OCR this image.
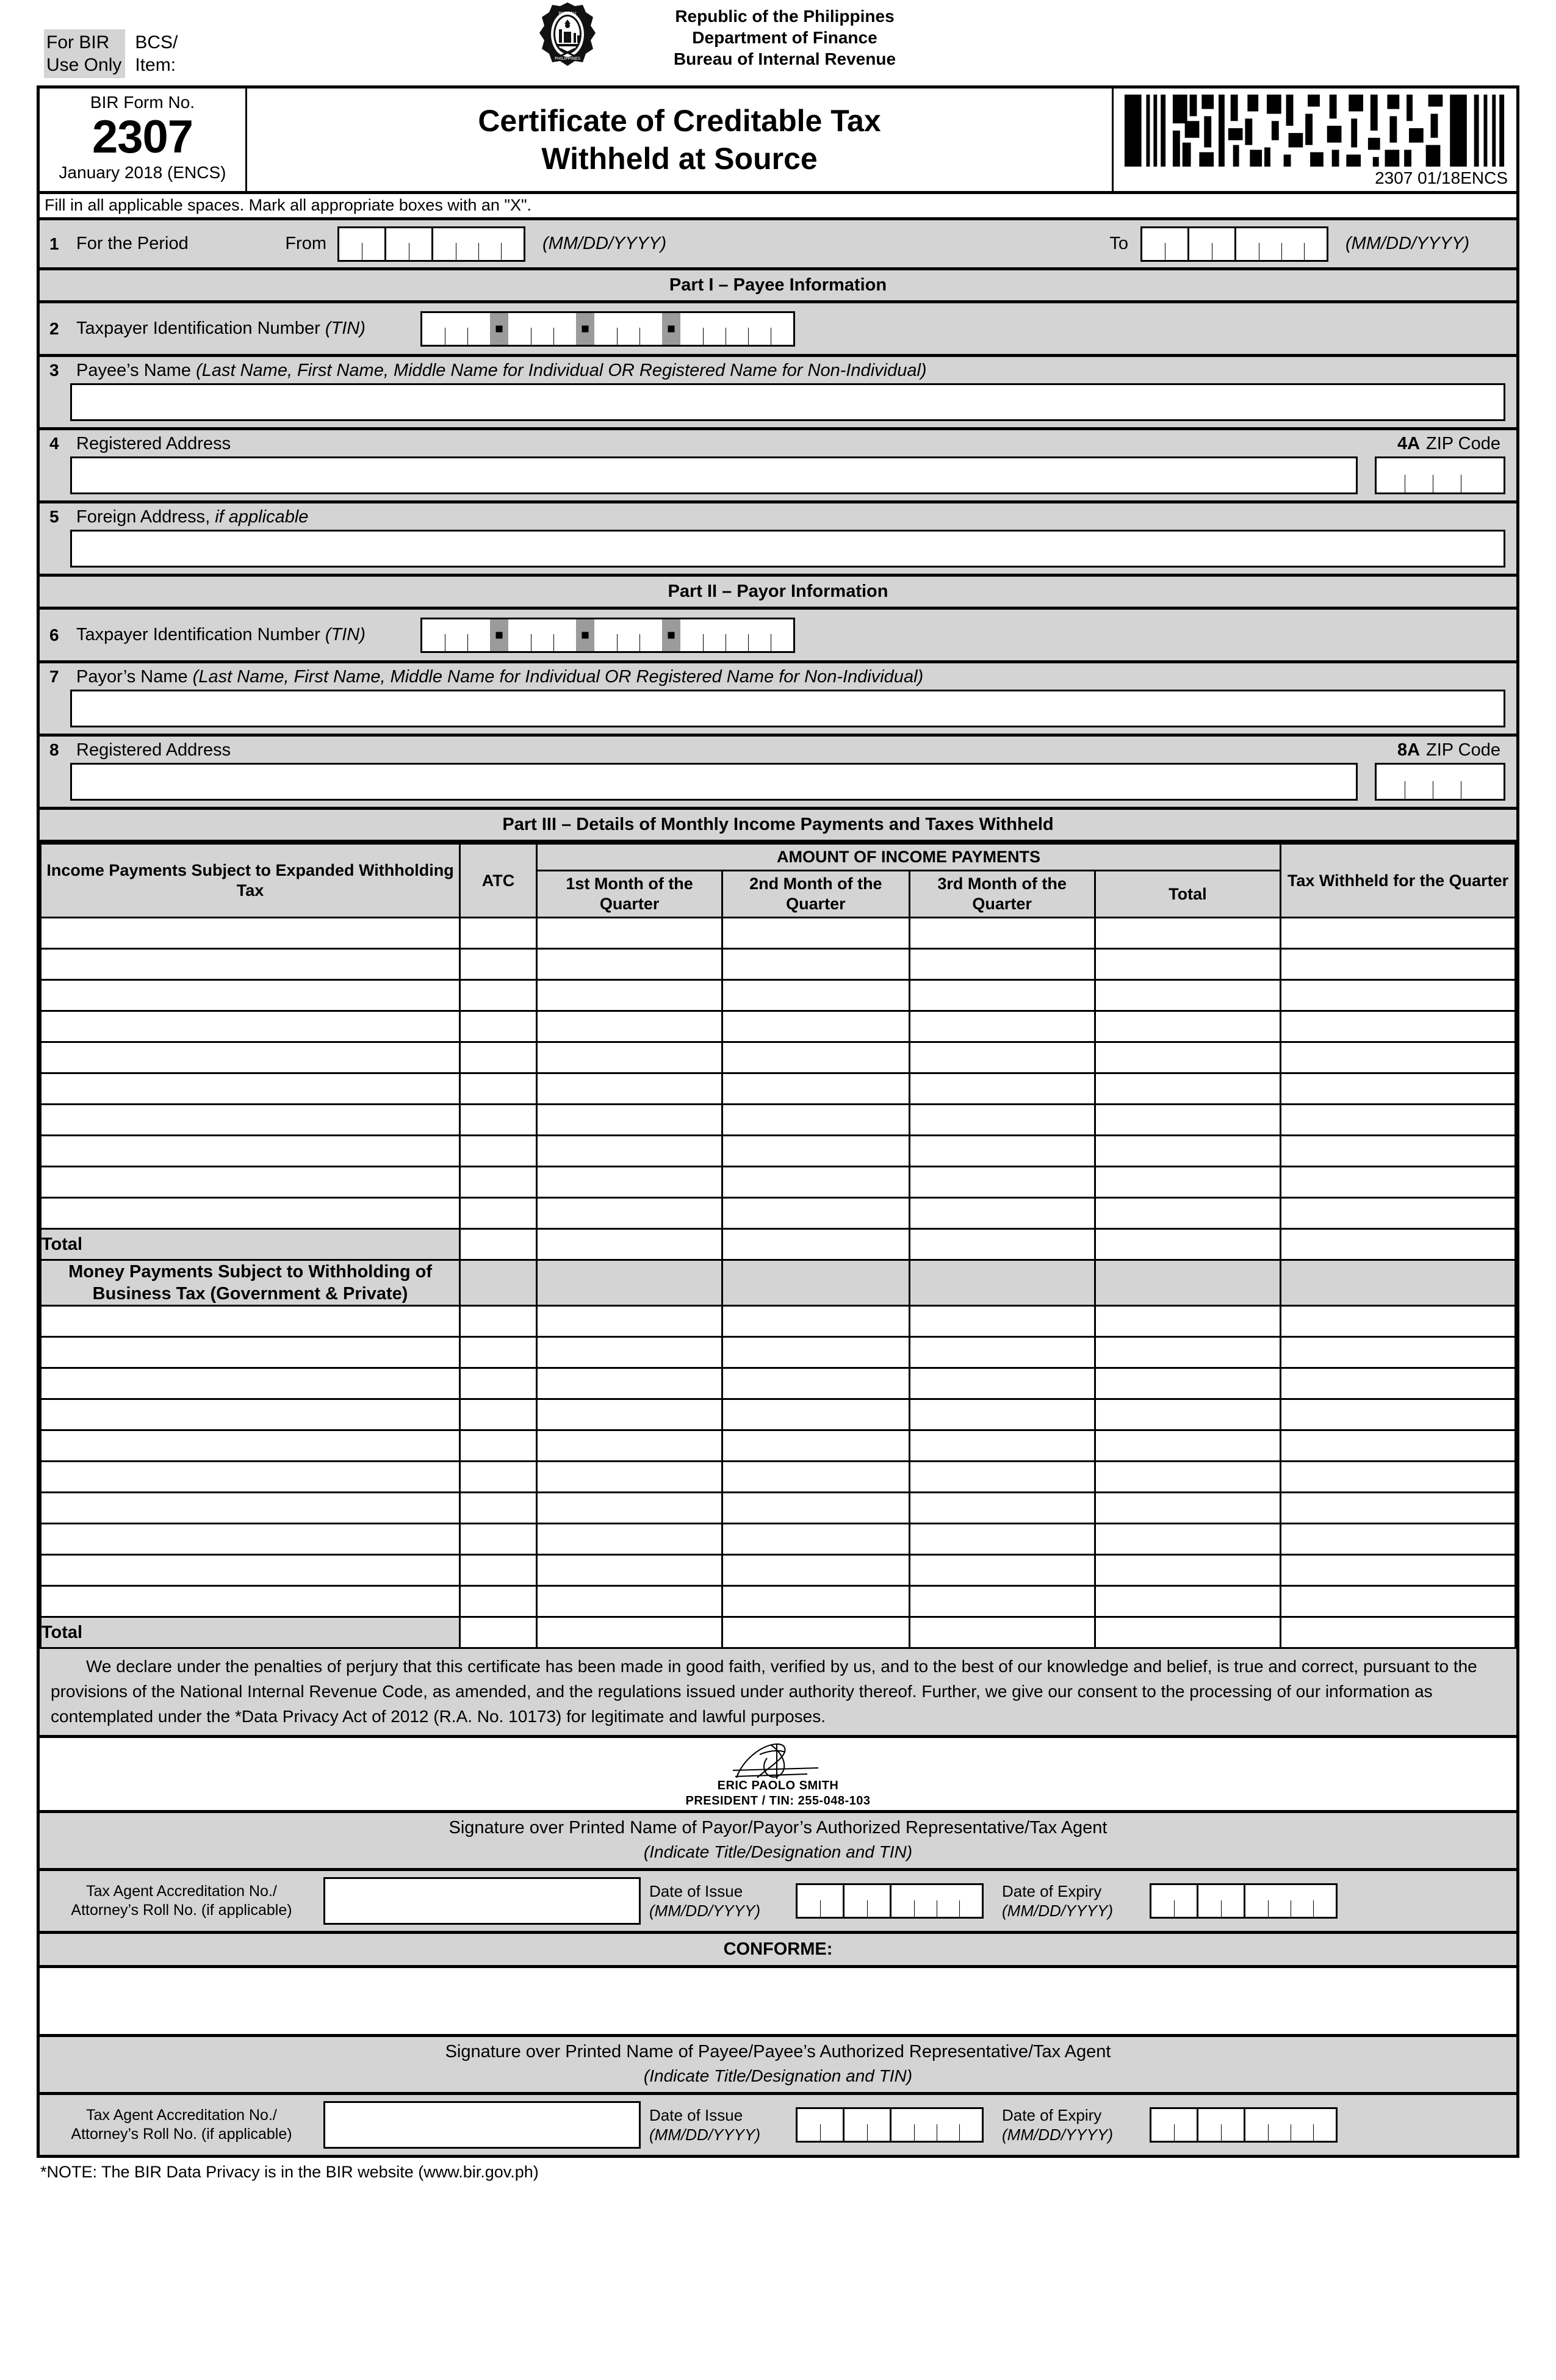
For BIR
Use Only
BCS/
Item:
BUREAU
PHILIPPINES
Republic of the Philippines
Department of Finance
Bureau of Internal Revenue
BIR Form No.
2307
January 2018 (ENCS)
Certificate of Creditable Tax
Withheld at Source
2307 01/18ENCS
Fill in all applicable spaces. Mark all appropriate boxes with an "X".
1 For the Period	From	(MM/DD/YYYY)	To	(MM/DD/YYYY)
Part I – Payee Information
2 Taxpayer Identification Number (TIN)
3 Payee’s Name (Last Name, First Name, Middle Name for Individual OR Registered Name for Non-Individual)
4 Registered Address	4A ZIP Code
5 Foreign Address, if applicable
Part II – Payor Information
6 Taxpayer Identification Number (TIN)
7 Payor’s Name (Last Name, First Name, Middle Name for Individual OR Registered Name for Non-Individual)
8 Registered Address	8A ZIP Code
Part III – Details of Monthly Income Payments and Taxes Withheld
Income Payments Subject to Expanded Withholding Tax	ATC	AMOUNT OF INCOME PAYMENTS				Tax Withheld for the Quarter
		1st Month of the Quarter	2nd Month of the Quarter	3rd Month of the Quarter	Total	

Total						
Money Payments Subject to Withholding of Business Tax (Government & Private)						

Total						
We declare under the penalties of perjury that this certificate has been made in good faith, verified by us, and to the best of our knowledge and belief, is true and correct, pursuant to the provisions of the National Internal Revenue Code, as amended, and the regulations issued under authority thereof. Further, we give our consent to the processing of our information as contemplated under the *Data Privacy Act of 2012 (R.A. No. 10173) for legitimate and lawful purposes.
ERIC PAOLO SMITH
PRESIDENT / TIN: 255-048-103
Signature over Printed Name of Payor/Payor’s Authorized Representative/Tax Agent
(Indicate Title/Designation and TIN)
Tax Agent Accreditation No./
Attorney’s Roll No. (if applicable)
Date of Issue
(MM/DD/YYYY)
Date of Expiry
(MM/DD/YYYY)
CONFORME:
Signature over Printed Name of Payee/Payee’s Authorized Representative/Tax Agent
(Indicate Title/Designation and TIN)
Tax Agent Accreditation No./
Attorney’s Roll No. (if applicable)
Date of Issue
(MM/DD/YYYY)
Date of Expiry
(MM/DD/YYYY)
*NOTE: The BIR Data Privacy is in the BIR website (www.bir.gov.ph)
